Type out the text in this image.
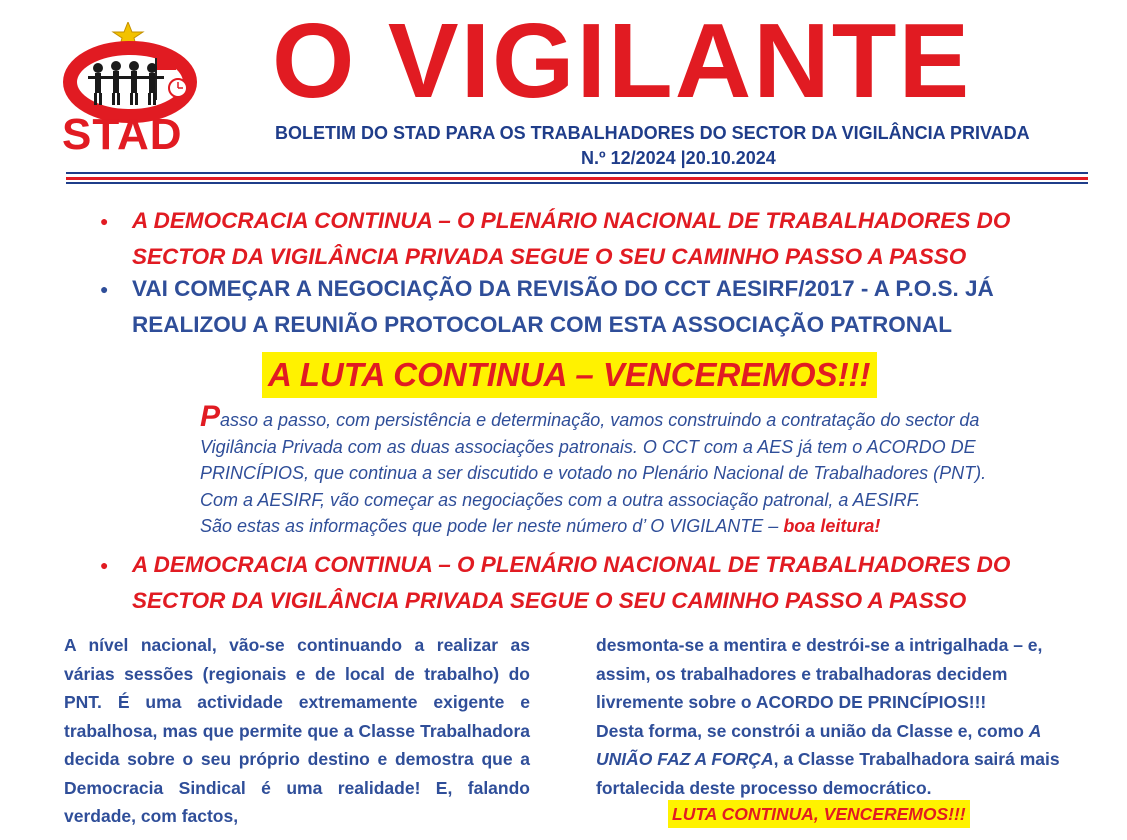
STAD
O VIGILANTE
BOLETIM DO STAD PARA OS TRABALHADORES DO SECTOR DA VIGILÂNCIA PRIVADA
N.º 12/2024 |20.10.2024
●	A DEMOCRACIA CONTINUA – O PLENÁRIO NACIONAL DE TRABALHADORES DO
SECTOR DA VIGILÂNCIA PRIVADA SEGUE O SEU CAMINHO PASSO A PASSO
●	VAI COMEÇAR A NEGOCIAÇÃO DA REVISÃO DO CCT AESIRF/2017 - A P.O.S. JÁ
REALIZOU A REUNIÃO PROTOCOLAR COM ESTA ASSOCIAÇÃO PATRONAL
A LUTA CONTINUA – VENCEREMOS!!!
Passo a passo, com persistência e determinação, vamos construindo a contratação do sector da
Vigilância Privada com as duas associações patronais. O CCT com a AES já tem o ACORDO DE
PRINCÍPIOS, que continua a ser discutido e votado no Plenário Nacional de Trabalhadores (PNT).
Com a AESIRF, vão começar as negociações com a outra associação patronal, a AESIRF.
São estas as informações que pode ler neste número d’ O VIGILANTE – boa leitura!
●	A DEMOCRACIA CONTINUA – O PLENÁRIO NACIONAL DE TRABALHADORES DO
SECTOR DA VIGILÂNCIA PRIVADA SEGUE O SEU CAMINHO PASSO A PASSO
A nível nacional, vão-se continuando a realizar as várias sessões (regionais e de local de trabalho) do PNT. É uma actividade extremamente exigente e trabalhosa, mas que permite que a Classe Trabalhadora decida sobre o seu próprio destino e demostra que a Democracia Sindical é uma realidade! E, falando verdade, com factos,
desmonta-se a mentira e destrói-se a intrigalhada – e, assim, os trabalhadores e trabalhadoras decidem livremente sobre o ACORDO DE PRINCÍPIOS!!!
Desta forma, se constrói a união da Classe e, como A UNIÃO FAZ A FORÇA, a Classe Trabalhadora sairá mais fortalecida deste processo democrático.
LUTA CONTINUA, VENCEREMOS!!!
